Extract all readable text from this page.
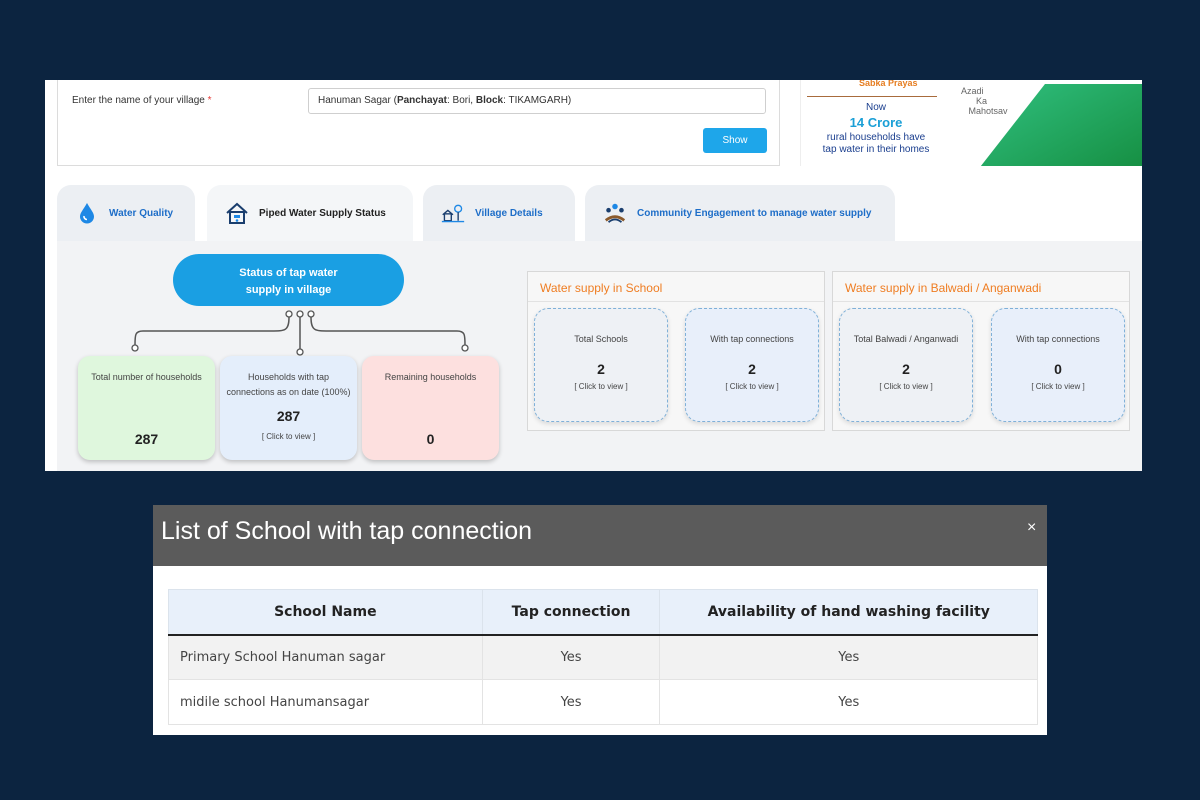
Enter the name of your village *	Hanuman Sagar (Panchayat: Bori, Block: TIKAMGARH)
Show
Sabka Prayas
Now
14 Crore
rural households have
tap water in their homes
Azadi
Ka
Mahotsav
Water Quality	Piped Water Supply Status	Village Details	Community Engagement to manage water supply
Status of tap water
supply in village
Total number of households
287
Households with tap
connections as on date (100%)
287
[ Click to view ]
Remaining households
0
Water supply in School
Total Schools
2
[ Click to view ]
With tap connections
2
[ Click to view ]
Water supply in Balwadi / Anganwadi
Total Balwadi / Anganwadi
2
[ Click to view ]
With tap connections
0
[ Click to view ]
List of School with tap connection	×
School Name	Tap connection	Availability of hand washing facility
Primary School Hanuman sagar	Yes	Yes
midile school Hanumansagar	Yes	Yes
